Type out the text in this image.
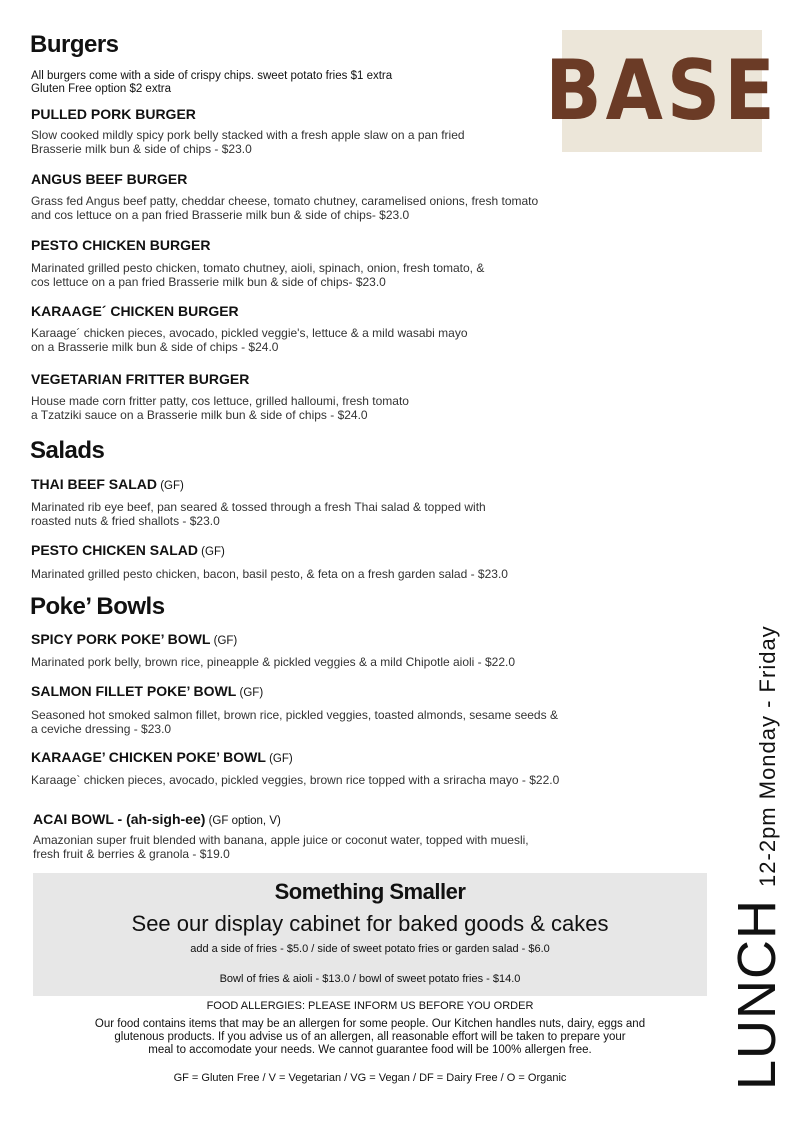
BASE
Burgers
All burgers come with a side of crispy chips. sweet potato fries $1 extra
Gluten Free option $2 extra
PULLED PORK BURGER
Slow cooked mildly spicy pork belly stacked with a fresh apple slaw on a pan fried
Brasserie milk bun & side of chips - $23.0
ANGUS BEEF BURGER
Grass fed Angus beef patty, cheddar cheese, tomato chutney, caramelised onions, fresh tomato
and cos lettuce on a pan fried Brasserie milk bun & side of chips- $23.0
PESTO CHICKEN BURGER
Marinated grilled pesto chicken, tomato chutney, aioli, spinach, onion, fresh tomato, &
cos lettuce on a pan fried Brasserie milk bun & side of chips- $23.0
KARAAGE´ CHICKEN BURGER
Karaage´ chicken pieces, avocado, pickled veggie's, lettuce & a mild wasabi mayo
on a Brasserie milk bun & side of chips - $24.0
VEGETARIAN FRITTER BURGER
House made corn fritter patty, cos lettuce, grilled halloumi, fresh tomato
a Tzatziki sauce on a Brasserie milk bun & side of chips - $24.0
Salads
THAI BEEF SALAD (GF)
Marinated rib eye beef, pan seared & tossed through a fresh Thai salad & topped with
roasted nuts & fried shallots - $23.0
PESTO CHICKEN SALAD (GF)
Marinated grilled pesto chicken, bacon, basil pesto, & feta on a fresh garden salad - $23.0
Poke’ Bowls
SPICY PORK POKE’ BOWL (GF)
Marinated pork belly, brown rice, pineapple & pickled veggies & a mild Chipotle aioli - $22.0
SALMON FILLET POKE’ BOWL (GF)
Seasoned hot smoked salmon fillet, brown rice, pickled veggies, toasted almonds, sesame seeds &
a ceviche dressing - $23.0
KARAAGE’ CHICKEN POKE’ BOWL (GF)
Karaage` chicken pieces, avocado, pickled veggies, brown rice topped with a sriracha mayo - $22.0
ACAI BOWL - (ah-sigh-ee) (GF option, V)
Amazonian super fruit blended with banana, apple juice or coconut water, topped with muesli,
fresh fruit & berries & granola - $19.0
Something Smaller
See our display cabinet for baked goods & cakes
add a side of fries - $5.0 / side of sweet potato fries or garden salad - $6.0
Bowl of fries & aioli - $13.0 / bowl of sweet potato fries - $14.0
FOOD ALLERGIES: PLEASE INFORM US BEFORE YOU ORDER
Our food contains items that may be an allergen for some people. Our Kitchen handles nuts, dairy, eggs and
glutenous products. If you advise us of an allergen, all reasonable effort will be taken to prepare your
meal to accomodate your needs. We cannot guarantee food will be 100% allergen free.
GF = Gluten Free / V = Vegetarian / VG = Vegan / DF = Dairy Free / O = Organic	LUNCH12-2pm Monday - Friday
